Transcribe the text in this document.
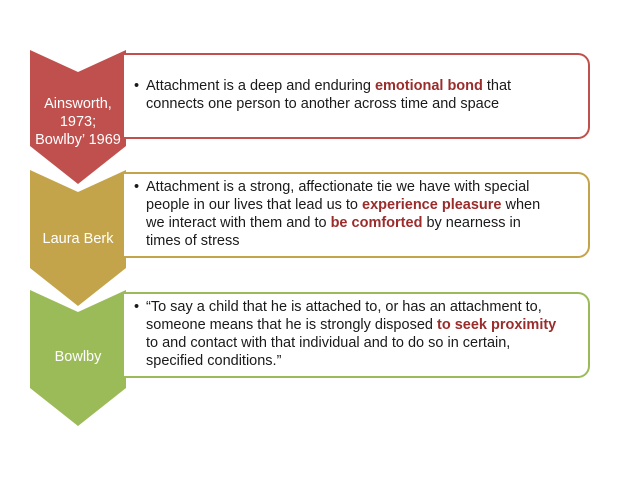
Ainsworth,
1973;
Bowlby’ 1969
• Attachment is a deep and enduring emotional bond that
connects one person to another across time and space
Laura Berk
• Attachment is a strong, affectionate tie we have with special
people in our lives that lead us to experience pleasure when
we interact with them and to be comforted by nearness in
times of stress
Bowlby
• “To say a child that he is attached to, or has an attachment to,
someone means that he is strongly disposed to seek proximity
to and contact with that individual and to do so in certain,
specified conditions.”
